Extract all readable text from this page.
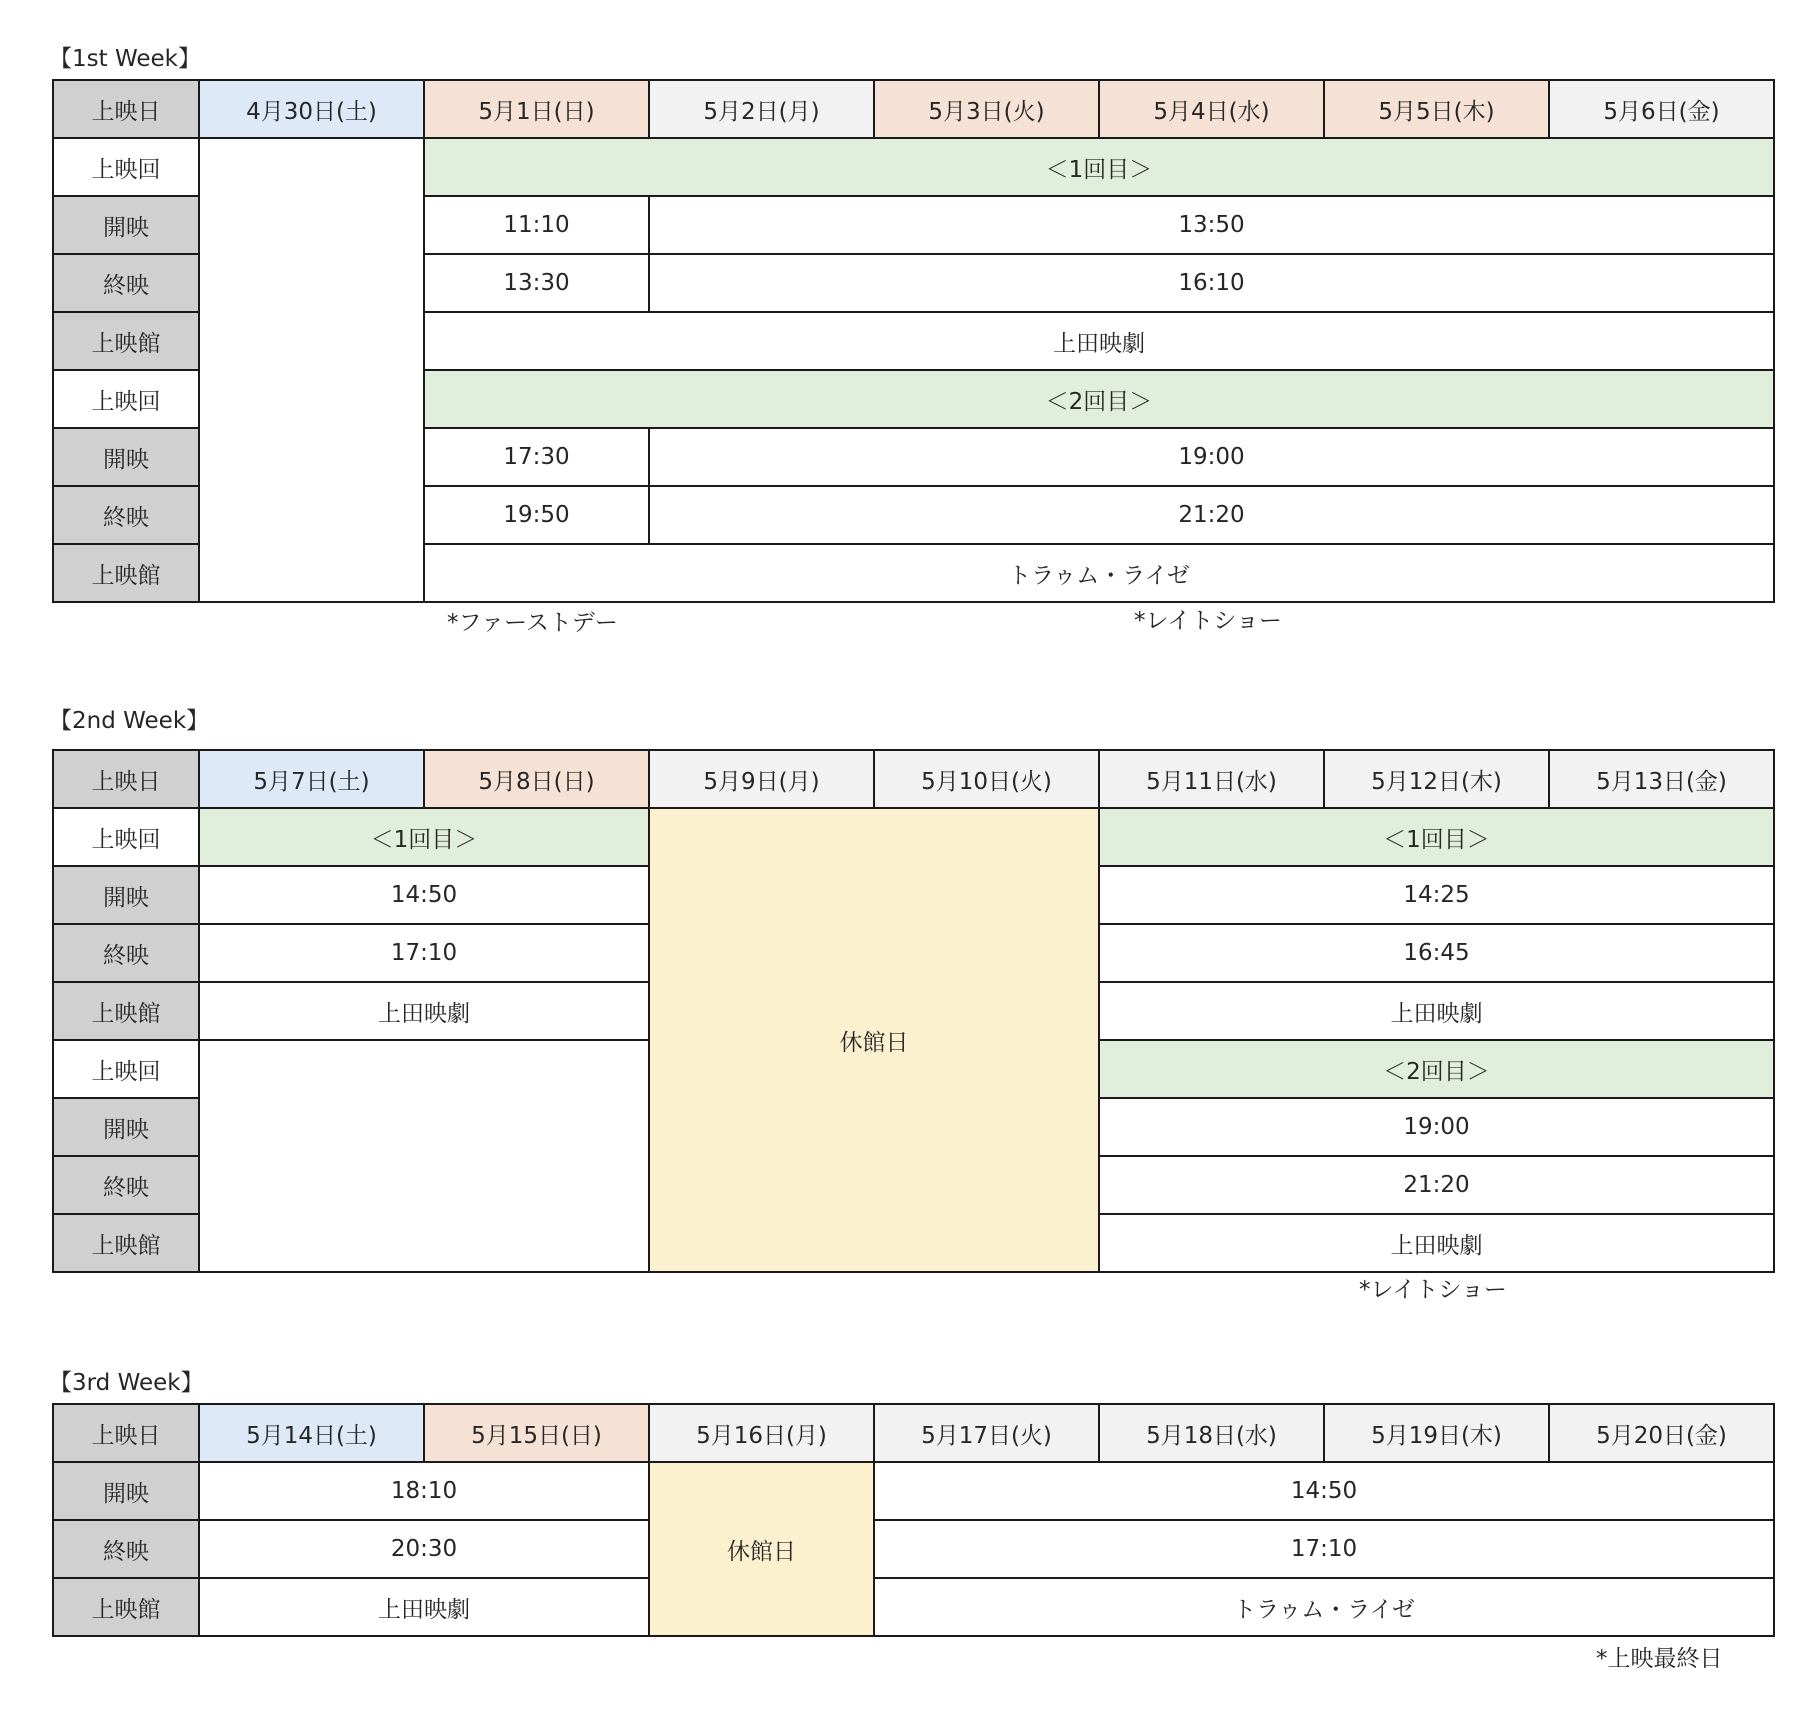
【1st Week】
上映日	4月30日(土)	5月1日(日)	5月2日(月)	5月3日(火)	5月4日(水)	5月5日(木)	5月6日(金)
上映回		＜1回目＞					
開映		11:10	13:50				
終映		13:30	16:10				
上映館		上田映劇					
上映回		＜2回目＞					
開映		17:30	19:00				
終映		19:50	21:20				
上映館		トラゥム・ライゼ					
*ファーストデー	*レイトショー
【2nd Week】
上映日	5月7日(土)	5月8日(日)	5月9日(月)	5月10日(火)	5月11日(水)	5月12日(木)	5月13日(金)
上映回	＜1回目＞		休館日		＜1回目＞		
開映	14:50				14:25		
終映	17:10				16:45		
上映館	上田映劇				上田映劇		
上映回					＜2回目＞		
開映					19:00		
終映					21:20		
上映館					上田映劇		
*レイトショー
【3rd Week】
上映日	5月14日(土)	5月15日(日)	5月16日(月)	5月17日(火)	5月18日(水)	5月19日(木)	5月20日(金)
開映	18:10		休館日	14:50			
終映	20:30			17:10			
上映館	上田映劇			トラゥム・ライゼ			
*上映最終日
